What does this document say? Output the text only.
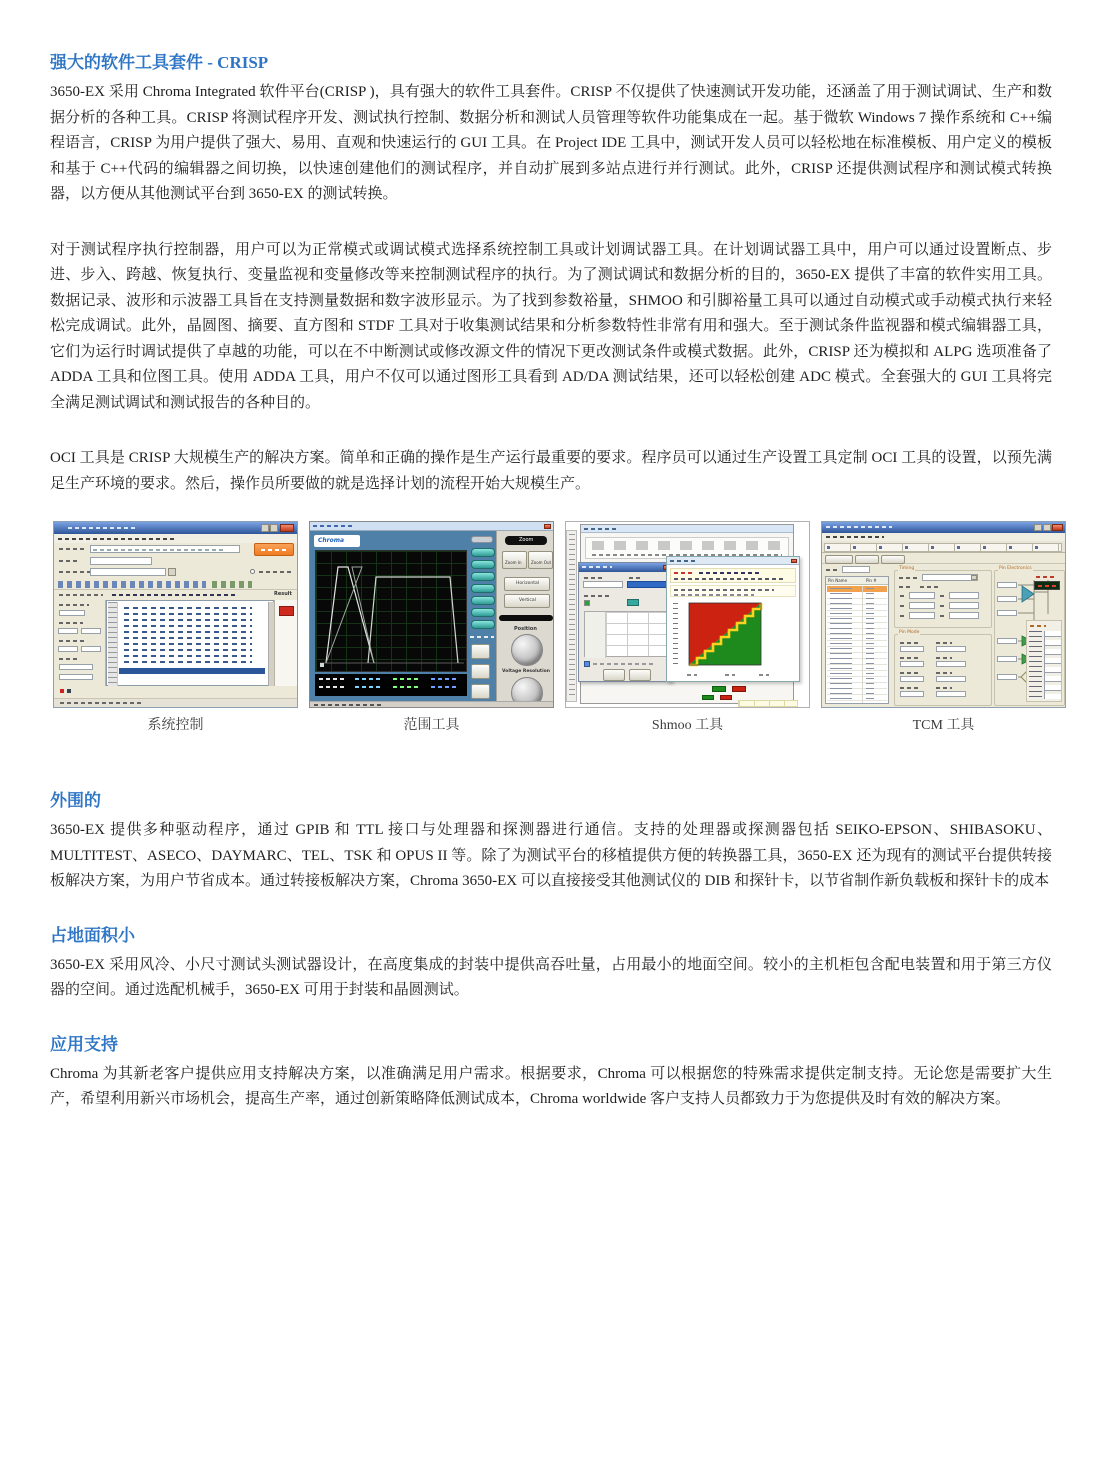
强大的软件工具套件 - CRISP

3650-EX 采用 Chroma Integrated 软件平台(CRISP )，具有强大的软件工具套件。CRISP 不仅提供了快速测试开发功能，还涵盖了用于测试调试、生产和数据分析的各种工具。CRISP 将测试程序开发、测试执行控制、数据分析和测试人员管理等软件功能集成在一起。基于微软 Windows 7 操作系统和 C++编程语言，CRISP 为用户提供了强大、易用、直观和快速运行的 GUI 工具。在 Project IDE 工具中，测试开发人员可以轻松地在标准模板、用户定义的模板和基于 C++代码的编辑器之间切换，以快速创建他们的测试程序，并自动扩展到多站点进行并行测试。此外，CRISP 还提供测试程序和测试模式转换器，以方便从其他测试平台到 3650-EX 的测试转换。

对于测试程序执行控制器，用户可以为正常模式或调试模式选择系统控制工具或计划调试器工具。在计划调试器工具中，用户可以通过设置断点、步进、步入、跨越、恢复执行、变量监视和变量修改等来控制测试程序的执行。为了测试调试和数据分析的目的，3650-EX 提供了丰富的软件实用工具。数据记录、波形和示波器工具旨在支持测量数据和数字波形显示。为了找到参数裕量，SHMOO 和引脚裕量工具可以通过自动模式或手动模式执行来轻松完成调试。此外，晶圆图、摘要、直方图和 STDF 工具对于收集测试结果和分析参数特性非常有用和强大。至于测试条件监视器和模式编辑器工具，它们为运行时调试提供了卓越的功能，可以在不中断测试或修改源文件的情况下更改测试条件或模式数据。此外，CRISP 还为模拟和 ALPG 选项准备了 ADDA 工具和位图工具。使用 ADDA 工具，用户不仅可以通过图形工具看到 AD/DA 测试结果，还可以轻松创建 ADC 模式。全套强大的 GUI 工具将完全满足测试调试和测试报告的各种目的。

OCI 工具是 CRISP 大规模生产的解决方案。简单和正确的操作是生产运行最重要的要求。程序员可以通过生产设置工具定制 OCI 工具的设置，以预先满足生产环境的要求。然后，操作员所要做的就是选择计划的流程开始大规模生产。

Result
Chroma	Zoom
Zoom In Zoom Out
Horizontal
Vertical
Position
Voltage Resolution
Pin Name	Pin #
Timing
Pin Mode
Pin Electronics
系统控制	范围工具	Shmoo 工具	TCM 工具
外围的

3650-EX 提供多种驱动程序，通过 GPIB 和 TTL 接口与处理器和探测器进行通信。支持的处理器或探测器包括 SEIKO-EPSON、SHIBASOKU、MULTITEST、ASECO、DAYMARC、TEL、TSK 和 OPUS II 等。除了为测试平台的移植提供方便的转换器工具，3650-EX 还为现有的测试平台提供转接板解决方案，为用户节省成本。通过转接板解决方案，Chroma 3650-EX 可以直接接受其他测试仪的 DIB 和探针卡，以节省制作新负载板和探针卡的成本

占地面积小

3650-EX 采用风冷、小尺寸测试头测试器设计，在高度集成的封装中提供高吞吐量，占用最小的地面空间。较小的主机柜包含配电装置和用于第三方仪器的空间。通过选配机械手，3650-EX 可用于封装和晶圆测试。

应用支持

Chroma 为其新老客户提供应用支持解决方案，以准确满足用户需求。根据要求，Chroma 可以根据您的特殊需求提供定制支持。无论您是需要扩大生产，希望利用新兴市场机会，提高生产率，通过创新策略降低测试成本，Chroma worldwide 客户支持人员都致力于为您提供及时有效的解决方案。
